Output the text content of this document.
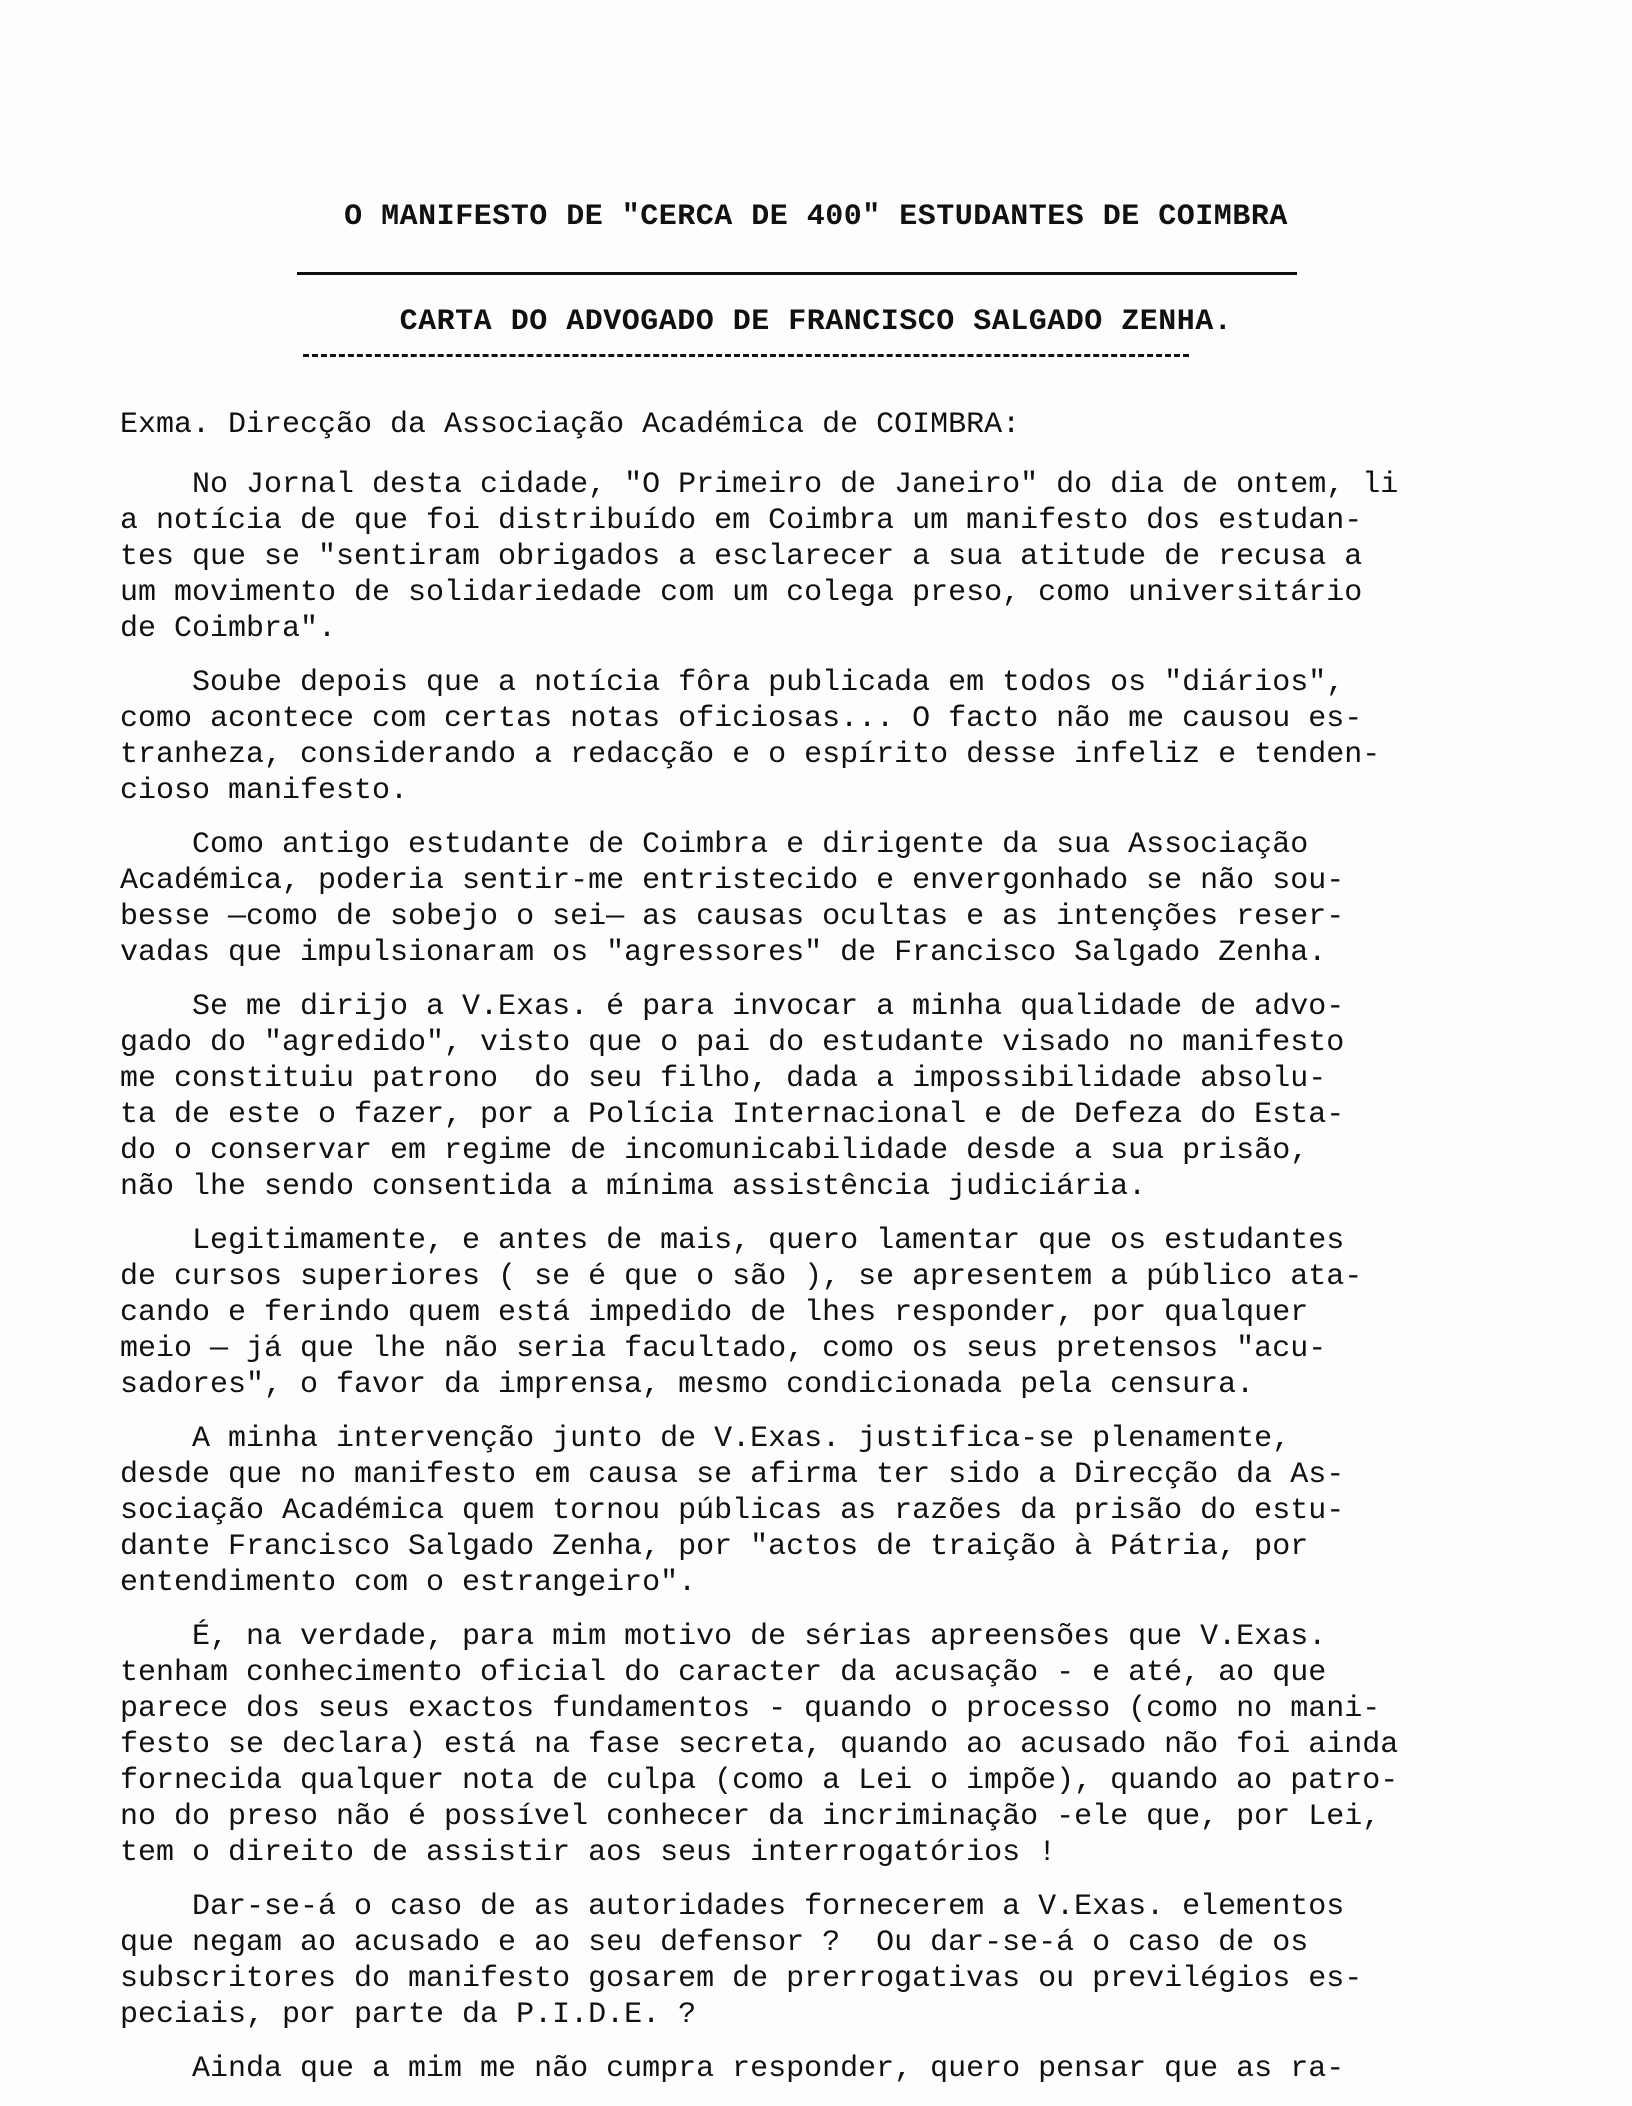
O MANIFESTO DE "CERCA DE 400" ESTUDANTES DE COIMBRA
CARTA DO ADVOGADO DE FRANCISCO SALGADO ZENHA.
Exma. Direcção da Associação Académica de COIMBRA:
No Jornal desta cidade, "O Primeiro de Janeiro" do dia de ontem, li
a notícia de que foi distribuído em Coimbra um manifesto dos estudan-
tes que se "sentiram obrigados a esclarecer a sua atitude de recusa a
um movimento de solidariedade com um colega preso, como universitário
de Coimbra".
Soube depois que a notícia fôra publicada em todos os "diários",
como acontece com certas notas oficiosas... O facto não me causou es-
tranheza, considerando a redacção e o espírito desse infeliz e tenden-
cioso manifesto.
Como antigo estudante de Coimbra e dirigente da sua Associação
Académica, poderia sentir-me entristecido e envergonhado se não sou-
besse —como de sobejo o sei— as causas ocultas e as intenções reser-
vadas que impulsionaram os "agressores" de Francisco Salgado Zenha.
Se me dirijo a V.Exas. é para invocar a minha qualidade de advo-
gado do "agredido", visto que o pai do estudante visado no manifesto
me constituiu patrono  do seu filho, dada a impossibilidade absolu-
ta de este o fazer, por a Polícia Internacional e de Defeza do Esta-
do o conservar em regime de incomunicabilidade desde a sua prisão,
não lhe sendo consentida a mínima assistência judiciária.
Legitimamente, e antes de mais, quero lamentar que os estudantes
de cursos superiores ( se é que o são ), se apresentem a público ata-
cando e ferindo quem está impedido de lhes responder, por qualquer
meio — já que lhe não seria facultado, como os seus pretensos "acu-
sadores", o favor da imprensa, mesmo condicionada pela censura.
A minha intervenção junto de V.Exas. justifica-se plenamente,
desde que no manifesto em causa se afirma ter sido a Direcção da As-
sociação Académica quem tornou públicas as razões da prisão do estu-
dante Francisco Salgado Zenha, por "actos de traição à Pátria, por
entendimento com o estrangeiro".
É, na verdade, para mim motivo de sérias apreensões que V.Exas.
tenham conhecimento oficial do caracter da acusação - e até, ao que
parece dos seus exactos fundamentos - quando o processo (como no mani-
festo se declara) está na fase secreta, quando ao acusado não foi ainda
fornecida qualquer nota de culpa (como a Lei o impõe), quando ao patro-
no do preso não é possível conhecer da incriminação -ele que, por Lei,
tem o direito de assistir aos seus interrogatórios !
Dar-se-á o caso de as autoridades fornecerem a V.Exas. elementos
que negam ao acusado e ao seu defensor ?  Ou dar-se-á o caso de os
subscritores do manifesto gosarem de prerrogativas ou previlégios es-
peciais, por parte da P.I.D.E. ?
Ainda que a mim me não cumpra responder, quero pensar que as ra-
